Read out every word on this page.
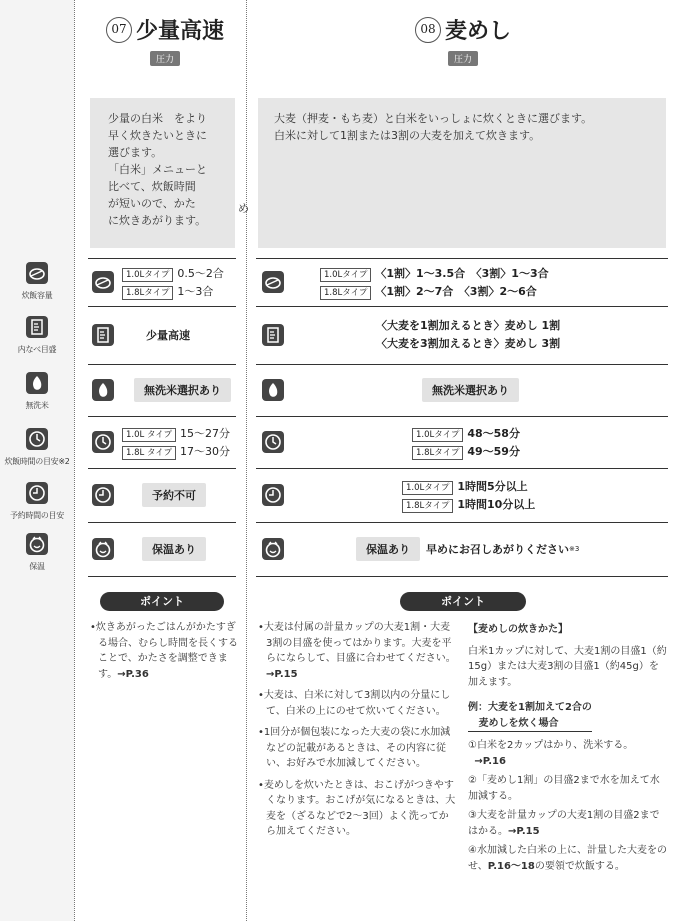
炊飯容量
内なべ目盛
無洗米
炊飯時間の目安※2
予約時間の目安
保温
07 少量高速
圧力
08 麦めし
圧力
少量の白米　をより
早く炊きたいときに
選びます。
「白米」メニューと
比べて、炊飯時間
が短いので、かた
に炊きあがります。
め
大麦（押麦・もち麦）と白米をいっしょに炊くときに選びます。
白米に対して1割または3割の大麦を加えて炊きます。
1.0Lタイプ 0.5～2合
1.8Lタイプ 1～3合
少量高速
無洗米選択あり
1.0L タイプ 15～27分
1.8L タイプ 17～30分
予約不可
保温あり
1.0Lタイプ 〈1割〉1～3.5合　〈3割〉1～3合
1.8Lタイプ 〈1割〉2～7合　〈3割〉2～6合
〈大麦を1割加えるとき〉麦めし 1割
〈大麦を3割加えるとき〉麦めし 3割
無洗米選択あり
1.0Lタイプ 48～58分
1.8Lタイプ 49～59分
1.0Lタイプ 1時間5分以上
1.8Lタイプ 1時間10分以上
保温あり	早めにお召しあがりください ※3
ポイント

•炊きあがったごはんがかたすぎる場合、むらし時間を長くすることで、かたさを調整できます。→P.36

ポイント

•大麦は付属の計量カップの大麦1割・大麦3割の目盛を使ってはかります。大麦を平らにならして、目盛に合わせてください。→P.15

•大麦は、白米に対して3割以内の分量にして、白米の上にのせて炊いてください。

•1回分が個包装になった大麦の袋に水加減などの記載があるときは、その内容に従い、お好みで水加減してください。

•麦めしを炊いたときは、おこげがつきやすくなります。おこげが気になるときは、大麦を（ざるなどで2～3回）よく洗ってから加えてください。

【麦めしの炊きかた】

白米1カップに対して、大麦1割の目盛1（約15g）または大麦3割の目盛1（約45g）を加えます。

例：大麦を1割加えて2合の
麦めしを炊く場合

①白米を2カップはかり、洗米する。
→P.16

②「麦めし1割」の目盛2まで水を加えて水加減する。

③大麦を計量カップの大麦1割の目盛2まではかる。→P.15

④水加減した白米の上に、計量した大麦をのせ、P.16～18の要領で炊飯する。
